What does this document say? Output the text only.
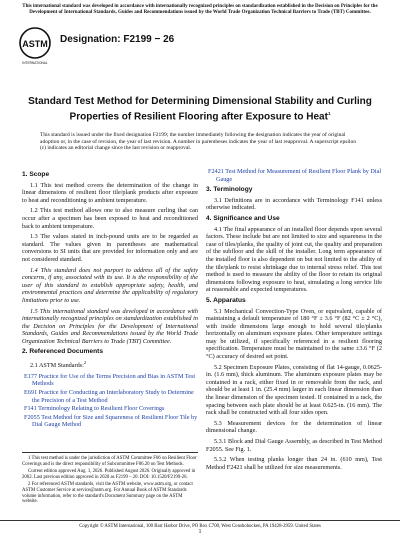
This international standard was developed in accordance with internationally recognized principles on standardization established in the Decision on Principles for the Development of International Standards, Guides and Recommendations issued by the World Trade Organization Technical Barriers to Trade (TBT) Committee.
ASTM
INTERNATIONAL
Designation: F2199 − 26
Standard Test Method for Determining Dimensional Stability and Curling Properties of Resilient Flooring after Exposure to Heat$^1$
This standard is issued under the fixed designation F2199; the number immediately following the designation indicates the year of original adoption or, in the case of revision, the year of last revision. A number in parentheses indicates the year of last reapproval. A superscript epsilon (ε) indicates an editorial change since the last revision or reapproval.
1. Scope

1.1 This test method covers the determination of the change in linear dimensions of resilient floor tile/plank products after exposure to heat and reconditioning to ambient temperature.

1.2 This test method allows one to also measure curling that can occur after a specimen has been exposed to heat and reconditioned back to ambient temperature.

1.3 The values stated in inch-pound units are to be regarded as standard. The values given in parentheses are mathematical conversions to SI units that are provided for information only and are not considered standard.

1.4 This standard does not purport to address all of the safety concerns, if any, associated with its use. It is the responsibility of the user of this standard to establish appropriate safety, health, and environmental practices and determine the applicability of regulatory limitations prior to use.

1.5 This international standard was developed in accordance with internationally recognized principles on standardization established in the Decision on Principles for the Development of International Standards, Guides and Recommendations issued by the World Trade Organization Technical Barriers to Trade (TBT) Committee.

2. Referenced Documents

2.1 ASTM Standards:$^2$

E177 Practice for Use of the Terms Precision and Bias in ASTM Test Methods
E691 Practice for Conducting an Interlaboratory Study to Determine the Precision of a Test Method
F141 Terminology Relating to Resilient Floor Coverings
F2055 Test Method for Size and Squareness of Resilient Floor Tile by Dial Gauge Method
F2421 Test Method for Measurement of Resilient Floor Plank by Dial Gauge
3. Terminology

3.1 Definitions are in accordance with Terminology F141 unless otherwise indicated.

4. Significance and Use

4.1 The final appearance of an installed floor depends upon several factors. These include but are not limited to size and squareness in the case of tiles/planks, the quality of joint cut, the quality and preparation of the subfloor and the skill of the installer. Long term appearance of the installed floor is also dependent on but not limited to the ability of the tile/plank to resist shrinkage due to internal stress relief. This test method is used to measure the ability of the floor to retain its original dimensions following exposure to heat, simulating a long service life at reasonable and expected temperatures.

5. Apparatus

5.1 Mechanical Convection-Type Oven, or equivalent, capable of maintaining a default temperature of 180 °F ± 3.6 °F (82 °C ± 2 °C), with inside dimensions large enough to hold several tile/planks horizontally on aluminum exposure plates. Other temperature settings may be utilized, if specifically referenced in a resilient flooring specification. Temperature must be maintained to the same ±3.6 °F (2 °C) accuracy of desired set point.

5.2 Specimen Exposure Plates, consisting of flat 14-gauge, 0.0625-in. (1.6 mm), thick aluminum. The aluminum exposure plates may be contained in a rack, either fixed in or removable from the rack, and should be at least 1 in. (25.4 mm) larger in each linear dimension than the linear dimension of the specimen tested. If contained in a rack, the spacing between each plate should be at least 0.625-in. (16 mm). The rack shall be constructed with all four sides open.

5.3 Measurement devices for the determination of linear dimensional change.

5.3.1 Block and Dial Gauge Assembly, as described in Test Method F2055. See Fig. 1.

5.3.2 When testing planks longer than 24 in. (610 mm), Test Method F2421 shall be utilized for size measurements.

1 This test method is under the jurisdiction of ASTM Committee F06 on Resilient Floor Coverings and is the direct responsibility of Subcommittee F06.20 on Test Methods.

Current edition approved Aug. 1, 2026. Published August 2026. Originally approved in 2002. Last previous edition approved in 2020 as F2199 – 20. DOI: 10.1520/F2199-26.

2 For referenced ASTM standards, visit the ASTM website, www.astm.org, or contact ASTM Customer Service at service@astm.org. For Annual Book of ASTM Standards volume information, refer to the standard's Document Summary page on the ASTM website.

Copyright © ASTM International, 100 Barr Harbor Drive, PO Box C700, West Conshohocken, PA 19428-2959. United States
1
